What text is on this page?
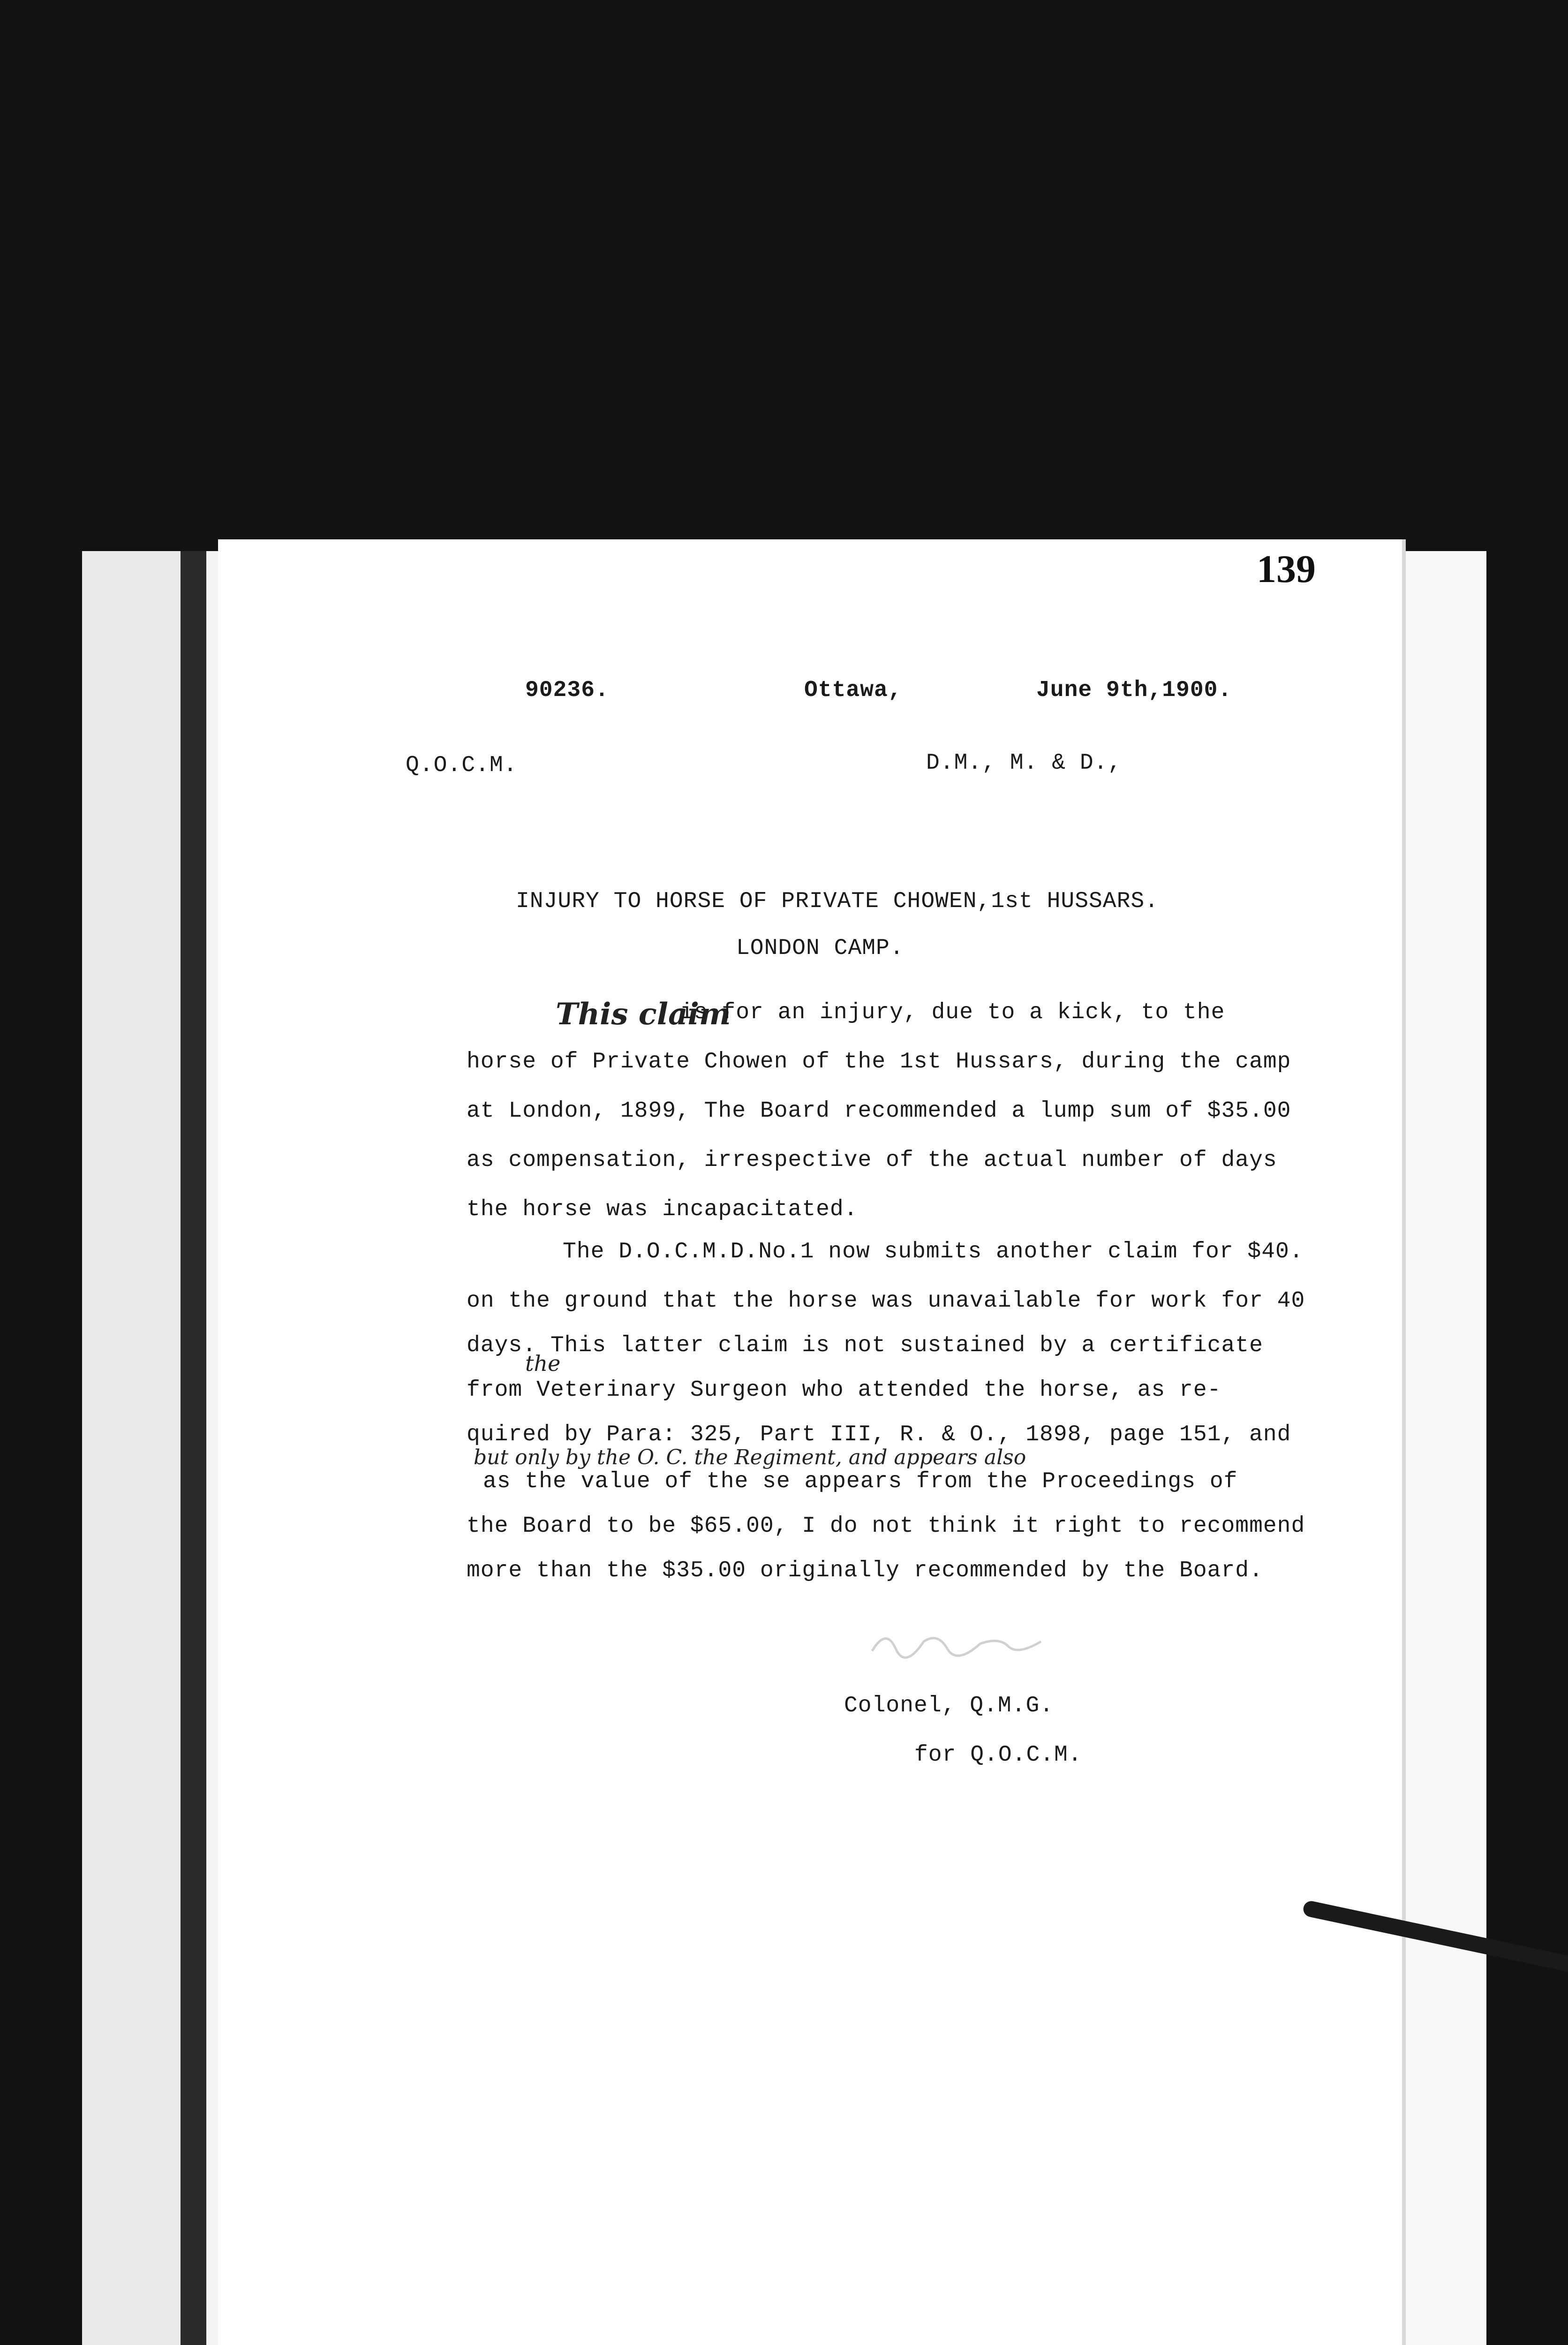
139
90236.	Ottawa,	June 9th,1900.
Q.O.C.M.	D.M., M. & D.,
INJURY TO HORSE OF PRIVATE CHOWEN,1st HUSSARS.
LONDON CAMP.
This claim
is for an injury, due to a kick, to the
horse of Private Chowen of the 1st Hussars, during the camp
at London, 1899, The Board recommended a lump sum of $35.00
as compensation, irrespective of the actual number of days
the horse was incapacitated.
The D.O.C.M.D.No.1 now submits another claim for $40.
on the ground that the horse was unavailable for work for 40
days. This latter claim is not sustained by a certificate
the
from Veterinary Surgeon who attended the horse, as re-
quired by Para: 325, Part III, R. & O., 1898, page 151, and
but only by the O. C. the Regiment, and appears also
as the value of the se appears from the Proceedings of
the Board to be $65.00, I do not think it right to recommend
more than the $35.00 originally recommended by the Board.
Colonel, Q.M.G.
for Q.O.C.M.
